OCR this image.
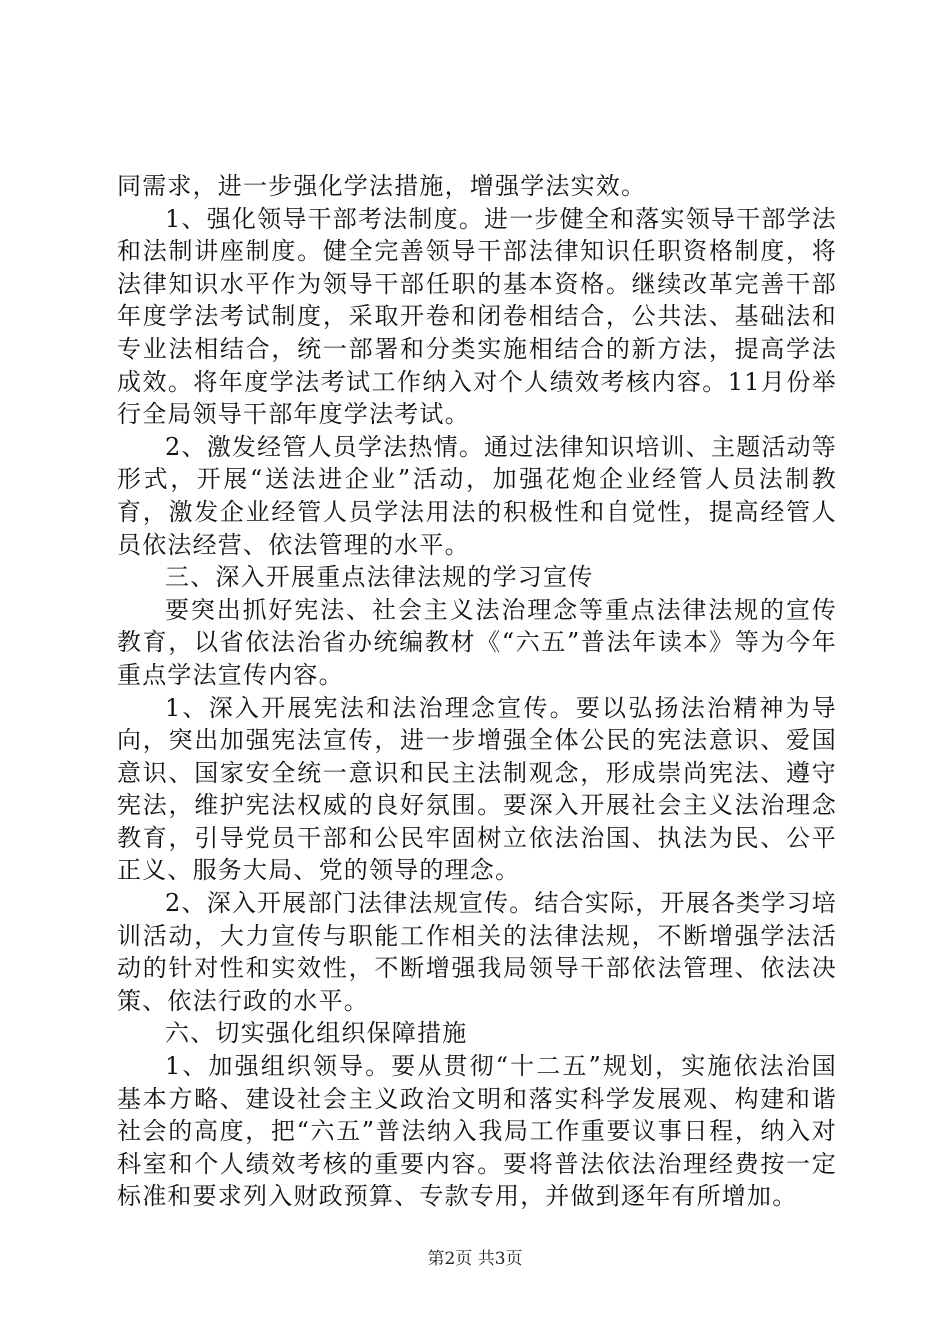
同需求，进一步强化学法措施，增强学法实效。

1、强化领导干部考法制度。进一步健全和落实领导干部学法和法制讲座制度。健全完善领导干部法律知识任职资格制度，将法律知识水平作为领导干部任职的基本资格。继续改革完善干部年度学法考试制度，采取开卷和闭卷相结合，公共法、基础法和专业法相结合，统一部署和分类实施相结合的新方法，提高学法成效。将年度学法考试工作纳入对个人绩效考核内容。11月份举行全局领导干部年度学法考试。

2、激发经管人员学法热情。通过法律知识培训、主题活动等形式，开展“送法进企业”活动，加强花炮企业经管人员法制教育，激发企业经管人员学法用法的积极性和自觉性，提高经管人员依法经营、依法管理的水平。

三、深入开展重点法律法规的学习宣传

要突出抓好宪法、社会主义法治理念等重点法律法规的宣传教育，以省依法治省办统编教材《“六五”普法年读本》等为今年重点学法宣传内容。

1、深入开展宪法和法治理念宣传。要以弘扬法治精神为导向，突出加强宪法宣传，进一步增强全体公民的宪法意识、爱国意识、国家安全统一意识和民主法制观念，形成崇尚宪法、遵守宪法，维护宪法权威的良好氛围。要深入开展社会主义法治理念教育，引导党员干部和公民牢固树立依法治国、执法为民、公平正义、服务大局、党的领导的理念。

2、深入开展部门法律法规宣传。结合实际，开展各类学习培训活动，大力宣传与职能工作相关的法律法规，不断增强学法活动的针对性和实效性，不断增强我局领导干部依法管理、依法决策、依法行政的水平。

六、切实强化组织保障措施

1、加强组织领导。要从贯彻“十二五”规划，实施依法治国基本方略、建设社会主义政治文明和落实科学发展观、构建和谐社会的高度，把“六五”普法纳入我局工作重要议事日程，纳入对科室和个人绩效考核的重要内容。要将普法依法治理经费按一定标准和要求列入财政预算、专款专用，并做到逐年有所增加。

第2页 共3页
